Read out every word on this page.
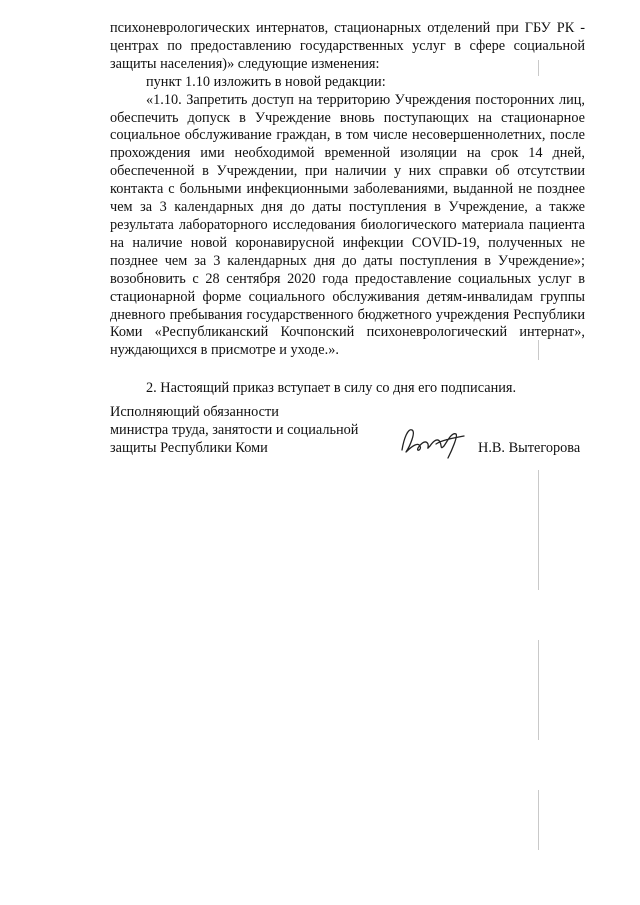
психоневрологических интернатов, стационарных отделений при ГБУ РК - центрах по предоставлению государственных услуг в сфере социальной защиты населения)» следующие изменения:

пункт 1.10 изложить в новой редакции:

«1.10. Запретить доступ на территорию Учреждения посторонних лиц, обеспечить допуск в Учреждение вновь поступающих на стационарное социальное обслуживание граждан, в том числе несовершеннолетних, после прохождения ими необходимой временной изоляции на срок 14 дней, обеспеченной в Учреждении, при наличии у них справки об отсутствии контакта с больными инфекционными заболеваниями, выданной не позднее чем за 3 календарных дня до даты поступления в Учреждение, а также результата лабораторного исследования биологического материала пациента на наличие новой коронавирусной инфекции COVID-19, полученных не позднее чем за 3 календарных дня до даты поступления в Учреждение»; возобновить с 28 сентября 2020 года предоставление социальных услуг в стационарной форме социального обслуживания детям-инвалидам группы дневного пребывания государственного бюджетного учреждения Республики Коми «Республиканский Кочпонский психоневрологический интернат», нуждающихся в присмотре и уходе.».

2. Настоящий приказ вступает в силу со дня его подписания.

Исполняющий обязанности
министра труда, занятости и социальной
защиты Республики Коми	Н.В. Вытегорова
